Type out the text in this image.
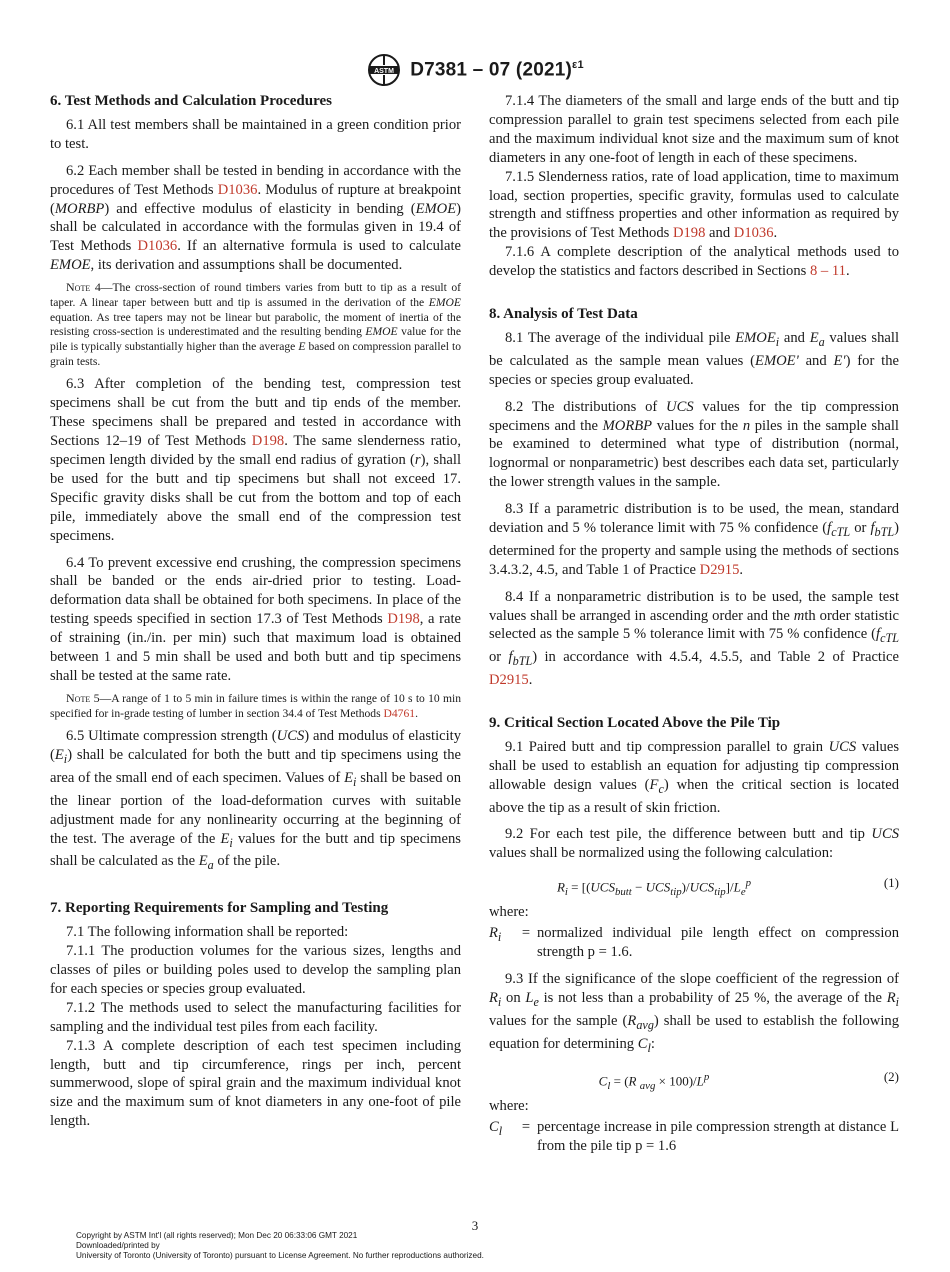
ASTM D7381 – 07 $(2021)^{\varepsilon 1}$
6. Test Methods and Calculation Procedures

6.1 All test members shall be maintained in a green condition prior to test.

6.2 Each member shall be tested in bending in accordance with the procedures of Test Methods D1036. Modulus of rupture at breakpoint (MORBP) and effective modulus of elasticity in bending (EMOE) shall be calculated in accordance with the formulas given in 19.4 of Test Methods D1036. If an alternative formula is used to calculate EMOE, its derivation and assumptions shall be documented.

Note 4—The cross-section of round timbers varies from butt to tip as a result of taper. A linear taper between butt and tip is assumed in the derivation of the EMOE equation. As tree tapers may not be linear but parabolic, the moment of inertia of the resisting cross-section is underestimated and the resulting bending EMOE value for the pile is typically substantially higher than the average E based on compression parallel to grain tests.

6.3 After completion of the bending test, compression test specimens shall be cut from the butt and tip ends of the member. These specimens shall be prepared and tested in accordance with Sections 12–19 of Test Methods D198. The same slenderness ratio, specimen length divided by the small end radius of gyration (r), shall be used for the butt and tip specimens but shall not exceed 17. Specific gravity disks shall be cut from the bottom and top of each pile, immediately above the small end of the compression test specimens.

6.4 To prevent excessive end crushing, the compression specimens shall be banded or the ends air-dried prior to testing. Load-deformation data shall be obtained for both specimens. In place of the testing speeds specified in section 17.3 of Test Methods D198, a rate of straining (in./in. per min) such that maximum load is obtained between 1 and 5 min shall be used and both butt and tip specimens shall be tested at the same rate.

Note 5—A range of 1 to 5 min in failure times is within the range of 10 s to 10 min specified for in-grade testing of lumber in section 34.4 of Test Methods D4761.

6.5 Ultimate compression strength (UCS) and modulus of elasticity $(E_i)$ shall be calculated for both the butt and tip specimens using the area of the small end of each specimen. Values of $E_i$ shall be based on the linear portion of the load-deformation curves with suitable adjustment made for any nonlinearity occurring at the beginning of the test. The average of the $E_i$ values for the butt and tip specimens shall be calculated as the $E_a$ of the pile.

7. Reporting Requirements for Sampling and Testing

7.1 The following information shall be reported:

7.1.1 The production volumes for the various sizes, lengths and classes of piles or building poles used to develop the sampling plan for each species or species group evaluated.

7.1.2 The methods used to select the manufacturing facilities for sampling and the individual test piles from each facility.

7.1.3 A complete description of each test specimen including length, butt and tip circumference, rings per inch, percent summerwood, slope of spiral grain and the maximum individual knot size and the maximum sum of knot diameters in any one-foot of pile length.

7.1.4 The diameters of the small and large ends of the butt and tip compression parallel to grain test specimens selected from each pile and the maximum individual knot size and the maximum sum of knot diameters in any one-foot of length in each of these specimens.

7.1.5 Slenderness ratios, rate of load application, time to maximum load, section properties, specific gravity, formulas used to calculate strength and stiffness properties and other information as required by the provisions of Test Methods D198 and D1036.

7.1.6 A complete description of the analytical methods used to develop the statistics and factors described in Sections 8 – 11.

8. Analysis of Test Data

8.1 The average of the individual pile $EMOE_i$ and $E_a$ values shall be calculated as the sample mean values (EMOE' and E') for the species or species group evaluated.

8.2 The distributions of UCS values for the tip compression specimens and the MORBP values for the n piles in the sample shall be examined to determined what type of distribution (normal, lognormal or nonparametric) best describes each data set, particularly the lower strength values in the sample.

8.3 If a parametric distribution is to be used, the mean, standard deviation and 5 % tolerance limit with 75 % confidence ($f_{cTL}$ or $f_{bTL}$) determined for the property and sample using the methods of sections 3.4.3.2, 4.5, and Table 1 of Practice D2915.

8.4 If a nonparametric distribution is to be used, the sample test values shall be arranged in ascending order and the mth order statistic selected as the sample 5 % tolerance limit with 75 % confidence ($f_{cTL}$ or $f_{bTL}$) in accordance with 4.5.4, 4.5.5, and Table 2 of Practice D2915.

9. Critical Section Located Above the Pile Tip

9.1 Paired butt and tip compression parallel to grain UCS values shall be used to establish an equation for adjusting tip compression allowable design values $(F_c)$ when the critical section is located above the tip as a result of skin friction.

9.2 For each test pile, the difference between butt and tip UCS values shall be normalized using the following calculation:

$R_i = [(UCS_{butt} - UCS_{tip})/UCS_{tip}]/L_e^p$	(1)

where:

$R_i$	= normalized individual pile length effect on compression strength p = 1.6.

9.3 If the significance of the slope coefficient of the regression of $R_i$ on $L_e$ is not less than a probability of 25 %, the average of the $R_i$ values for the sample $(R_{avg})$ shall be used to establish the following equation for determining $C_l$:

$C_l = (R$ $_{avg} \times 100)/L^p$	(2)

where:

$C_l$	= percentage increase in pile compression strength at distance L from the pile tip p = 1.6
3
Copyright by ASTM Int'l (all rights reserved); Mon Dec 20 06:33:06 GMT 2021
Downloaded/printed by
University of Toronto (University of Toronto) pursuant to License Agreement. No further reproductions authorized.
